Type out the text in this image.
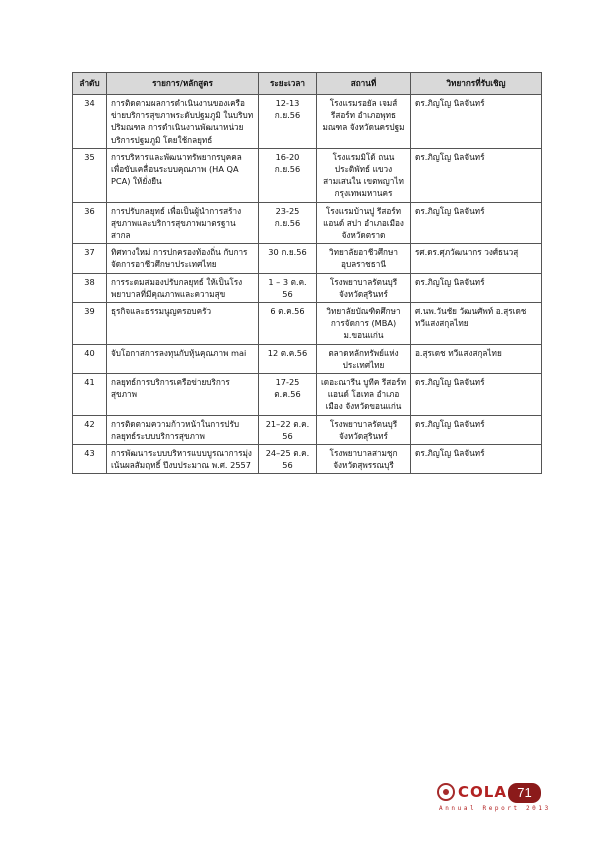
ลำดับ	รายการ/หลักสูตร	ระยะเวลา	สถานที่	วิทยากรที่รับเชิญ
34	การติดตามผลการดำเนินงานของเครือข่ายบริการสุขภาพระดับปฐมภูมิ ในบริบทปริมณฑล การดำเนินงานพัฒนาหน่วยบริการปฐมภูมิ โดยใช้กลยุทธ์	12-13 ก.ย.56	โรงแรมรอยัล เจมส์ รีสอร์ท อำเภอพุทธมณฑล จังหวัดนครปฐม	ดร.ภิญโญ นิลจันทร์
35	การบริหารและพัฒนาทรัพยากรบุคคลเพื่อขับเคลื่อนระบบคุณภาพ (HA QA PCA) ให้ยั่งยืน	16-20 ก.ย.56	โรงแรมมิโด้ ถนนประดิพัทธ์ แขวงสามเสนใน เขตพญาไท กรุงเทพมหานคร	ดร.ภิญโญ นิลจันทร์
36	การปรับกลยุทธ์ เพื่อเป็นผู้นำการสร้างสุขภาพและบริการสุขภาพมาตรฐานสากล	23-25 ก.ย.56	โรงแรมบ้านปู รีสอร์ท แอนด์ สปา อำเภอเมือง จังหวัดตราด	ดร.ภิญโญ นิลจันทร์
37	ทิศทางใหม่ การปกครองท้องถิ่น กับการจัดการอาชีวศึกษาประเทศไทย	30 ก.ย.56	วิทยาลัยอาชีวศึกษาอุบลราชธานี	รศ.ดร.ศุภวัฒนากร วงศ์ธนวสุ
38	การระดมสมองปรับกลยุทธ์ ให้เป็นโรงพยาบาลที่มีคุณภาพและความสุข	1 – 3 ต.ค. 56	โรงพยาบาลรัตนบุรี จังหวัดสุรินทร์	ดร.ภิญโญ นิลจันทร์
39	ธุรกิจและธรรมนูญครอบครัว	6 ต.ค.56	วิทยาลัยบัณฑิตศึกษาการจัดการ (MBA) ม.ขอนแก่น	ศ.นพ.วันชัย วัฒนศัพท์ อ.สุรเดช ทวีแสงสกุลไทย
40	จับโอกาสการลงทุนกับหุ้นคุณภาพ mai	12 ต.ค.56	ตลาดหลักทรัพย์แห่งประเทศไทย	อ.สุรเดช ทวีแสงสกุลไทย
41	กลยุทธ์การบริการเครือข่ายบริการสุขภาพ	17-25 ต.ค.56	เดอะณารีน บูทีค รีสอร์ท แอนด์ โฮเทล อำเภอเมือง จังหวัดขอนแก่น	ดร.ภิญโญ นิลจันทร์
42	การติดตามความก้าวหน้าในการปรับกลยุทธ์ระบบบริการสุขภาพ	21–22 ต.ค. 56	โรงพยาบาลรัตนบุรี จังหวัดสุรินทร์	ดร.ภิญโญ นิลจันทร์
43	การพัฒนาระบบบริหารแบบบูรณาการมุ่งเน้นผลสัมฤทธิ์ ปีงบประมาณ พ.ศ. 2557	24–25 ต.ค. 56	โรงพยาบาลสามชุก จังหวัดสุพรรณบุรี	ดร.ภิญโญ นิลจันทร์
COLA 71
Annual Report 2013
